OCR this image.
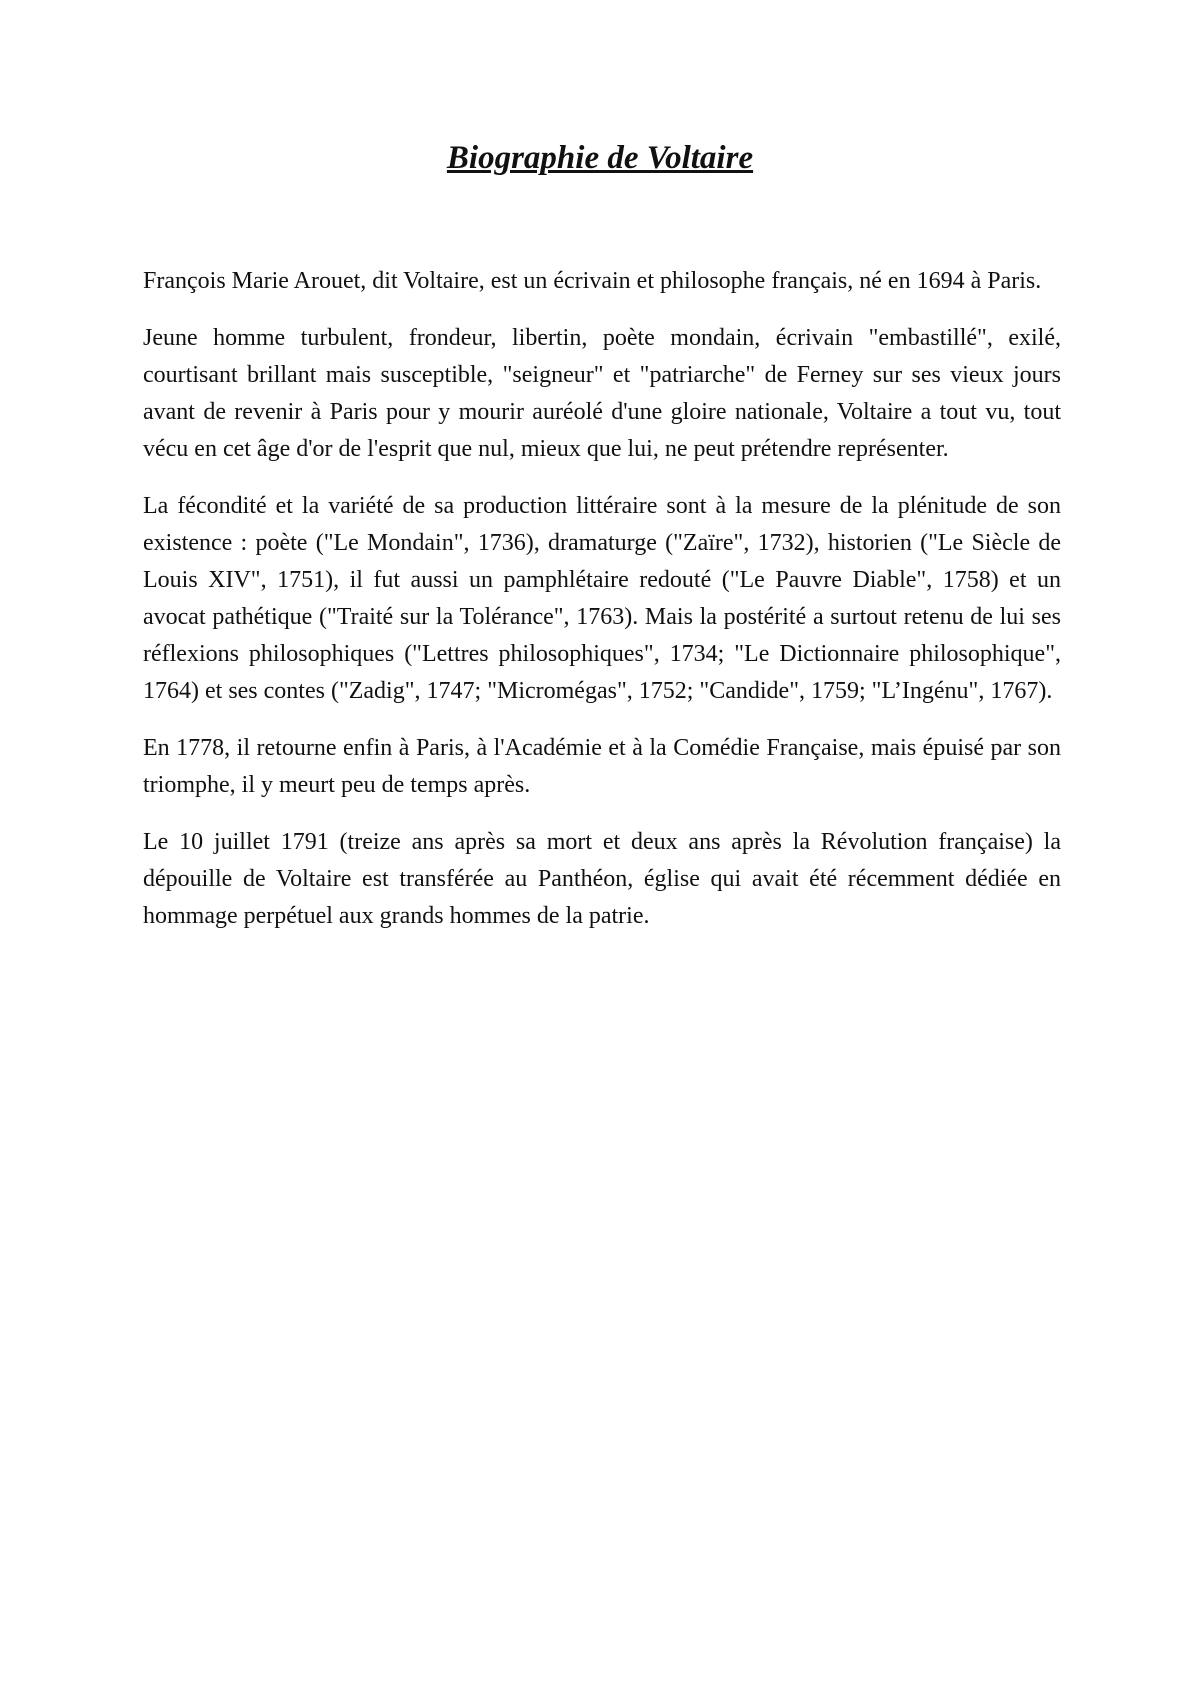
Biographie de Voltaire

François Marie Arouet, dit Voltaire, est un écrivain et philosophe français, né en 1694 à Paris.

Jeune homme turbulent, frondeur, libertin, poète mondain, écrivain "embastillé", exilé, courtisant brillant mais susceptible, "seigneur" et "patriarche" de Ferney sur ses vieux jours avant de revenir à Paris pour y mourir auréolé d'une gloire nationale, Voltaire a tout vu, tout vécu en cet âge d'or de l'esprit que nul, mieux que lui, ne peut prétendre représenter.

La fécondité et la variété de sa production littéraire sont à la mesure de la plénitude de son existence : poète ("Le Mondain", 1736), dramaturge ("Zaïre", 1732), historien ("Le Siècle de Louis XIV", 1751), il fut aussi un pamphlétaire redouté ("Le Pauvre Diable", 1758) et un avocat pathétique ("Traité sur la Tolérance", 1763). Mais la postérité a surtout retenu de lui ses réflexions philosophiques ("Lettres philosophiques", 1734; "Le Dictionnaire philosophique", 1764) et ses contes ("Zadig", 1747; "Micromégas", 1752; "Candide", 1759; "L’Ingénu", 1767).

En 1778, il retourne enfin à Paris, à l'Académie et à la Comédie Française, mais épuisé par son triomphe, il y meurt peu de temps après.

Le 10 juillet 1791 (treize ans après sa mort et deux ans après la Révolution française) la dépouille de Voltaire est transférée au Panthéon, église qui avait été récemment dédiée en hommage perpétuel aux grands hommes de la patrie.
